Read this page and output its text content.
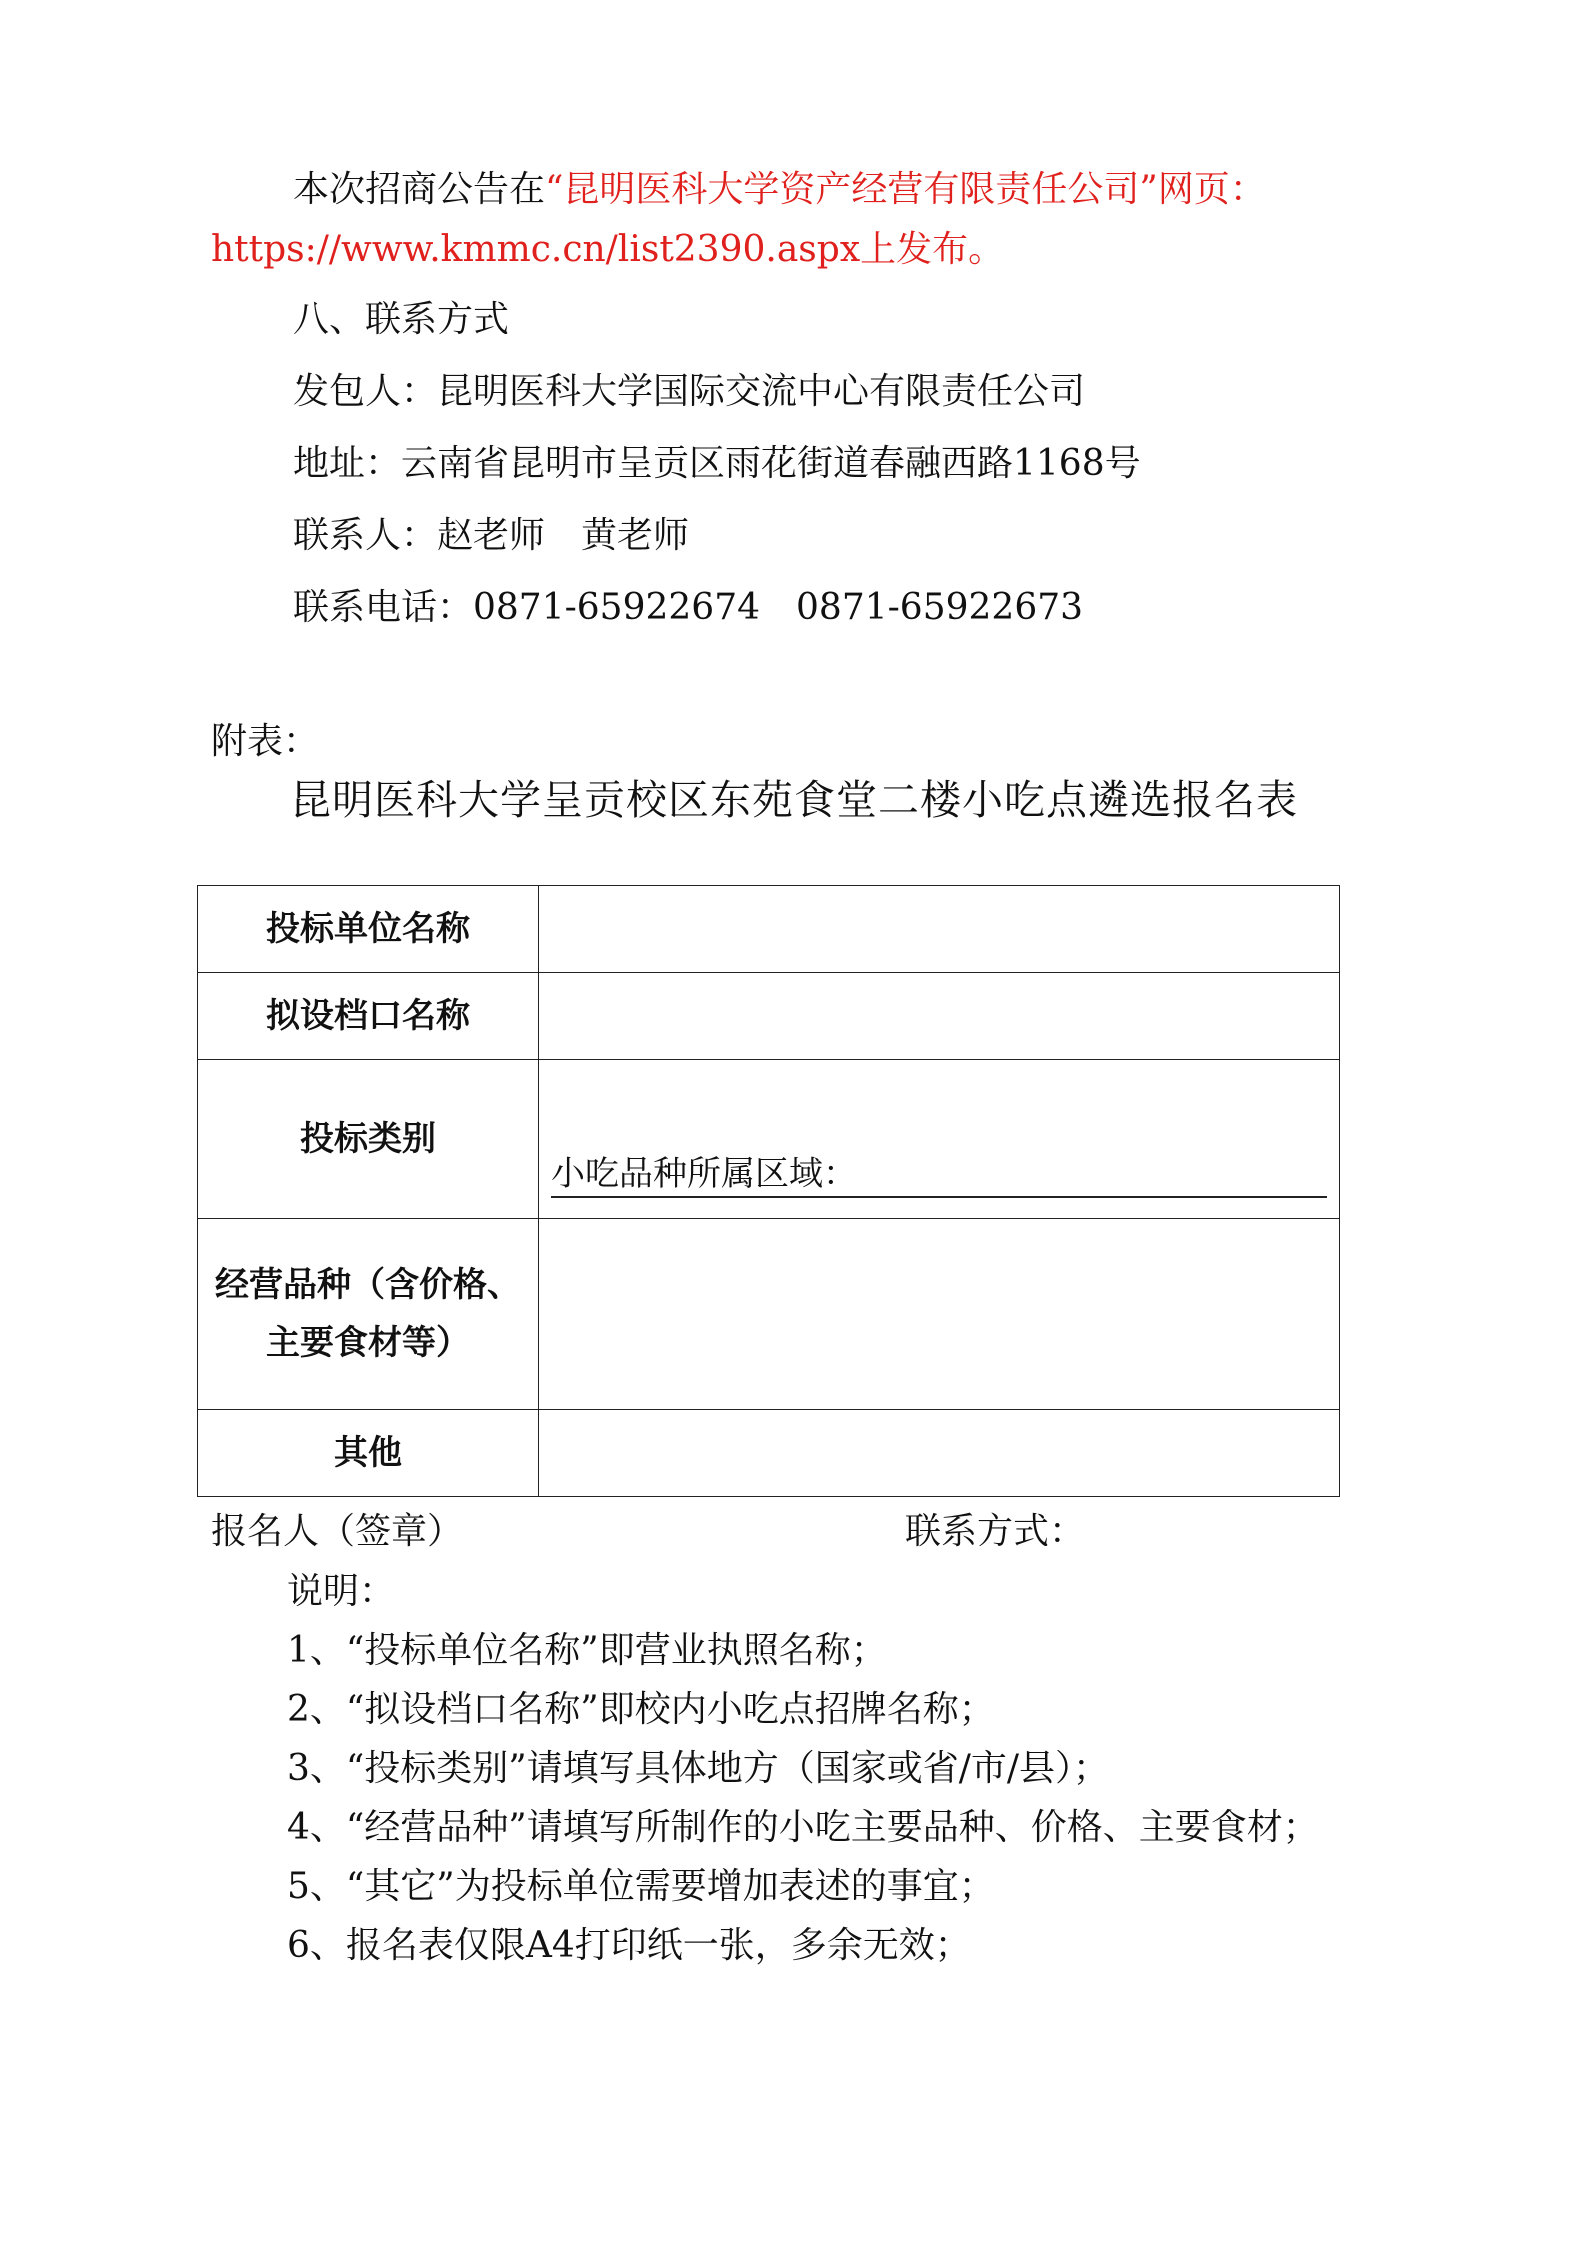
本次招商公告在“昆明医科大学资产经营有限责任公司”网页：
https://www.kmmc.cn/list2390.aspx上发布。
八、联系方式
发包人：昆明医科大学国际交流中心有限责任公司
地址：云南省昆明市呈贡区雨花街道春融西路1168号
联系人：赵老师　黄老师
联系电话：0871-65922674　0871-65922673
附表：
昆明医科大学呈贡校区东苑食堂二楼小吃点遴选报名表
投标单位名称	
拟设档口名称	
投标类别	小吃品种所属区域：

经营品种（含价格、主要食材等）	
其他	
报名人（签章）	联系方式：
说明：
1、“投标单位名称”即营业执照名称；
2、“拟设档口名称”即校内小吃点招牌名称；
3、“投标类别”请填写具体地方（国家或省/市/县）；
4、“经营品种”请填写所制作的小吃主要品种、价格、主要食材；
5、“其它”为投标单位需要增加表述的事宜；
6、报名表仅限A4打印纸一张，多余无效；
